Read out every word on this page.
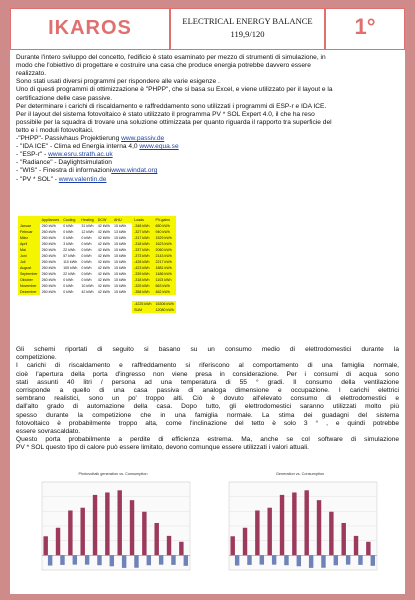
IKAROS	ELECTRICAL ENERGY BALANCE
119,9/120	1°
Durante l'intero sviluppo del concetto, l'edificio è stato esaminato per mezzo di strumenti di simulazione, in
modo che l'obiettivo di progettare e costruire una casa che produce energia potrebbe davvero essere
realizzato.
Sono stati usati diversi programmi per rispondere alle varie esigenze .
Uno di questi programmi di ottimizzazione è "PHPP", che si basa su Excel, e viene utilizzato per il layout e la
certificazione delle case passive.
Per determinare i carichi di riscaldamento e raffreddamento sono utilizzati i programmi di ESP-r e IDA ICE.
Per il layout del sistema fotovoltaico è stato utilizzato il programma PV * SOL Expert 4.0, il che ha reso
possibile per la squadra di trovare una soluzione ottimizzata per quanto riguarda il rapporto tra superficie del
tetto e i moduli fotovoltaici.
-"PHPP"- Passivhaus Projektierung www.passiv.de
- "IDA ICE" - Clima ed Energia interna 4,0 www.equa.se
- "ESP-r" - www.esru.strath.ac.uk
- "Radiance" - Daylightsimulation
- "WIS" - Finestra di informazioniwww.windat.org
- "PV * SOL" - www.valentin.de
	Appliances	Cooling	Heating	DCW	AHU		Loads	PV-gains
Januar	260 kWh	0 kWh	31 kWh	42 kWh	15 kWh		-348 kWh	650 kWh
Februar	260 kWh	0 kWh	12 kWh	42 kWh	13 kWh		-327 kWh	940 kWh
März	260 kWh	0 kWh	0 kWh	42 kWh	15 kWh		-317 kWh	1529 kWh
April	260 kWh	3 kWh	0 kWh	42 kWh	15 kWh		-318 kWh	1623 kWh
Mai	260 kWh	22 kWh	0 kWh	42 kWh	15 kWh		-337 kWh	2060 kWh
Juni	260 kWh	57 kWh	0 kWh	42 kWh	15 kWh		-373 kWh	2143 kWh
Juli	260 kWh	110 kWh	0 kWh	42 kWh	15 kWh		-428 kWh	2217 kWh
August	260 kWh	105 kWh	0 kWh	42 kWh	15 kWh		-423 kWh	1881 kWh
September	260 kWh	22 kWh	0 kWh	42 kWh	15 kWh		-339 kWh	1486 kWh
Oktober	260 kWh	0 kWh	0 kWh	42 kWh	15 kWh		-318 kWh	1103 kWh
November	260 kWh	0 kWh	10 kWh	42 kWh	15 kWh		-325 kWh	663 kWh
Dezember	260 kWh	0 kWh	42 kWh	42 kWh	15 kWh		-358 kWh	462 kWh

							-4225 kWh	16306 kWh
							SUM	12080 kWh
Gli schemi riportati di seguito si basano su un consumo medio di elettrodomestici durante la
competizione.
I carichi di riscaldamento e raffreddamento si riferiscono al comportamento di una famiglia normale,
cioè l'apertura della porta d'ingresso non viene presa in considerazione. Per i consumi di acqua sono
stati assunti 40 litri / persona ad una temperatura di 55 ° gradi. Il consumo della ventilazione
corrisponde a quello di una casa passiva di analoga dimensione e occupazione. I carichi elettrici
sembrano realistici, sono un po' troppo alti. Ciò è dovuto all'elevato consumo di elettrodomestici e
dall'alto grado di automazione della casa. Dopo tutto, gli elettrodomestici saranno utilizzati molto più
spesso durante la competizione che in una famiglia normale. La stima dei guadagni del sistema
fotovoltaico è probabilmente troppo alta, come l'inclinazione del tetto è solo 3 ° , e quindi potrebbe
essere sovrascaldato.
Questo porta probabilmente a perdite di efficienza estrema. Ma, anche se col software di simulazione
PV * SOL questo tipo di calore può essere limitato, devono comunque essere utilizzati i valori attuali.
Photovoltaik generation vs. Consumption	Generation vs. Consumption
